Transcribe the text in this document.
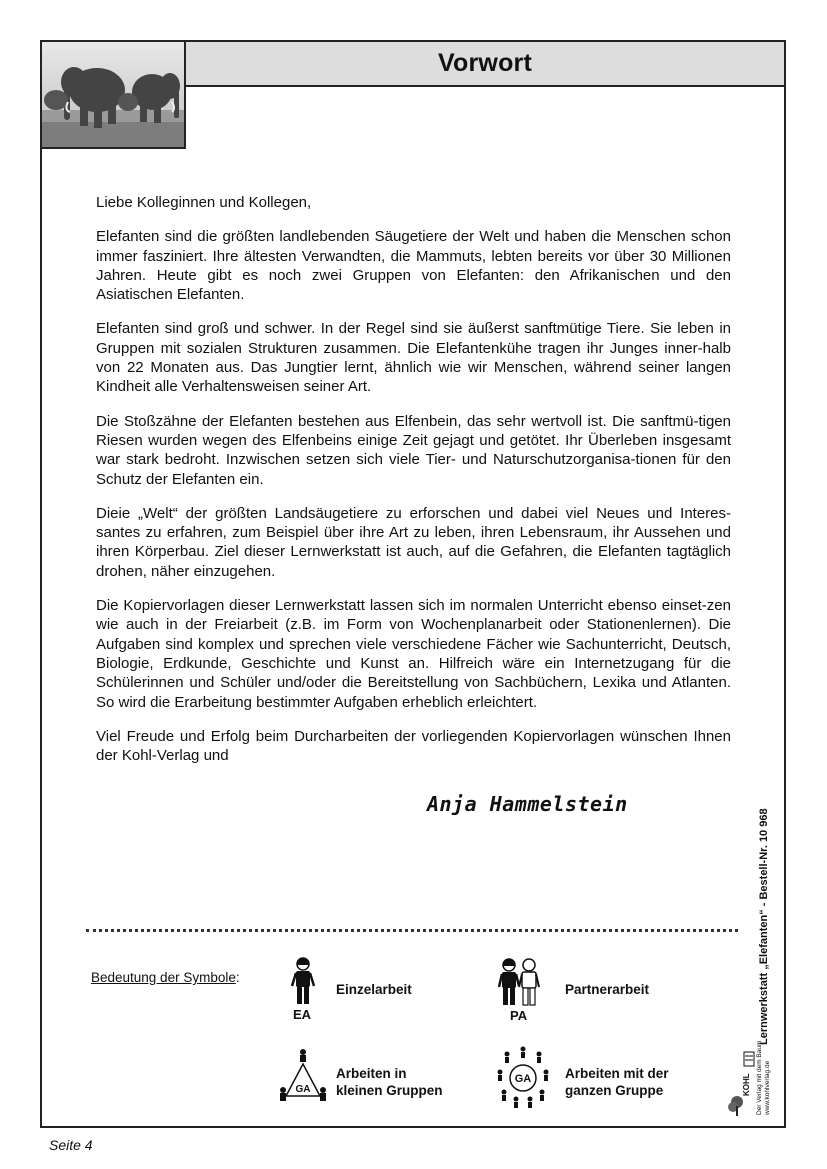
Vorwort

Liebe Kolleginnen und Kollegen,

Elefanten sind die größten landlebenden Säugetiere der Welt und haben die Menschen schon immer fasziniert. Ihre ältesten Verwandten, die Mammuts, lebten bereits vor über 30 Millionen Jahren. Heute gibt es noch zwei Gruppen von Elefanten: den Afrikanischen und den Asiatischen Elefanten.

Elefanten sind groß und schwer. In der Regel sind sie äußerst sanftmütige Tiere. Sie leben in Gruppen mit sozialen Strukturen zusammen. Die Elefantenkühe tragen ihr Junges inner-halb von 22 Monaten aus. Das Jungtier lernt, ähnlich wie wir Menschen, während seiner langen Kindheit alle Verhaltensweisen seiner Art.

Die Stoßzähne der Elefanten bestehen aus Elfenbein, das sehr wertvoll ist. Die sanftmü-tigen Riesen wurden wegen des Elfenbeins einige Zeit gejagt und getötet. Ihr Überleben insgesamt war stark bedroht. Inzwischen setzen sich viele Tier- und Naturschutzorganisa-tionen für den Schutz der Elefanten ein.

Dieie „Welt“ der größten Landsäugetiere zu erforschen und dabei viel Neues und Interes-santes zu erfahren, zum Beispiel über ihre Art zu leben, ihren Lebensraum, ihr Aussehen und ihren Körperbau. Ziel dieser Lernwerkstatt ist auch, auf die Gefahren, die Elefanten tagtäglich drohen, näher einzugehen.

Die Kopiervorlagen dieser Lernwerkstatt lassen sich im normalen Unterricht ebenso einset-zen wie auch in der Freiarbeit (z.B. im Form von Wochenplanarbeit oder Stationenlernen). Die Aufgaben sind komplex und sprechen viele verschiedene Fächer wie Sachunterricht, Deutsch, Biologie, Erdkunde, Geschichte und Kunst an. Hilfreich wäre ein Internetzugang für die Schülerinnen und Schüler und/oder die Bereitstellung von Sachbüchern, Lexika und Atlanten. So wird die Erarbeitung bestimmter Aufgaben erheblich erleichtert.

Viel Freude und Erfolg beim Durcharbeiten der vorliegenden Kopiervorlagen wünschen Ihnen der Kohl-Verlag und

Anja Hammelstein
Bedeutung der Symbole:
EA
Einzelarbeit
PA
Partnerarbeit
GA
Arbeiten in
kleinen Gruppen
GA	Arbeiten mit der
ganzen Gruppe
Lernwerkstatt „Elefanten“ - Bestell-Nr. 10 968
Der Verlag mit dem Baum www.kohlverlag.de
KOHL
Seite 4
